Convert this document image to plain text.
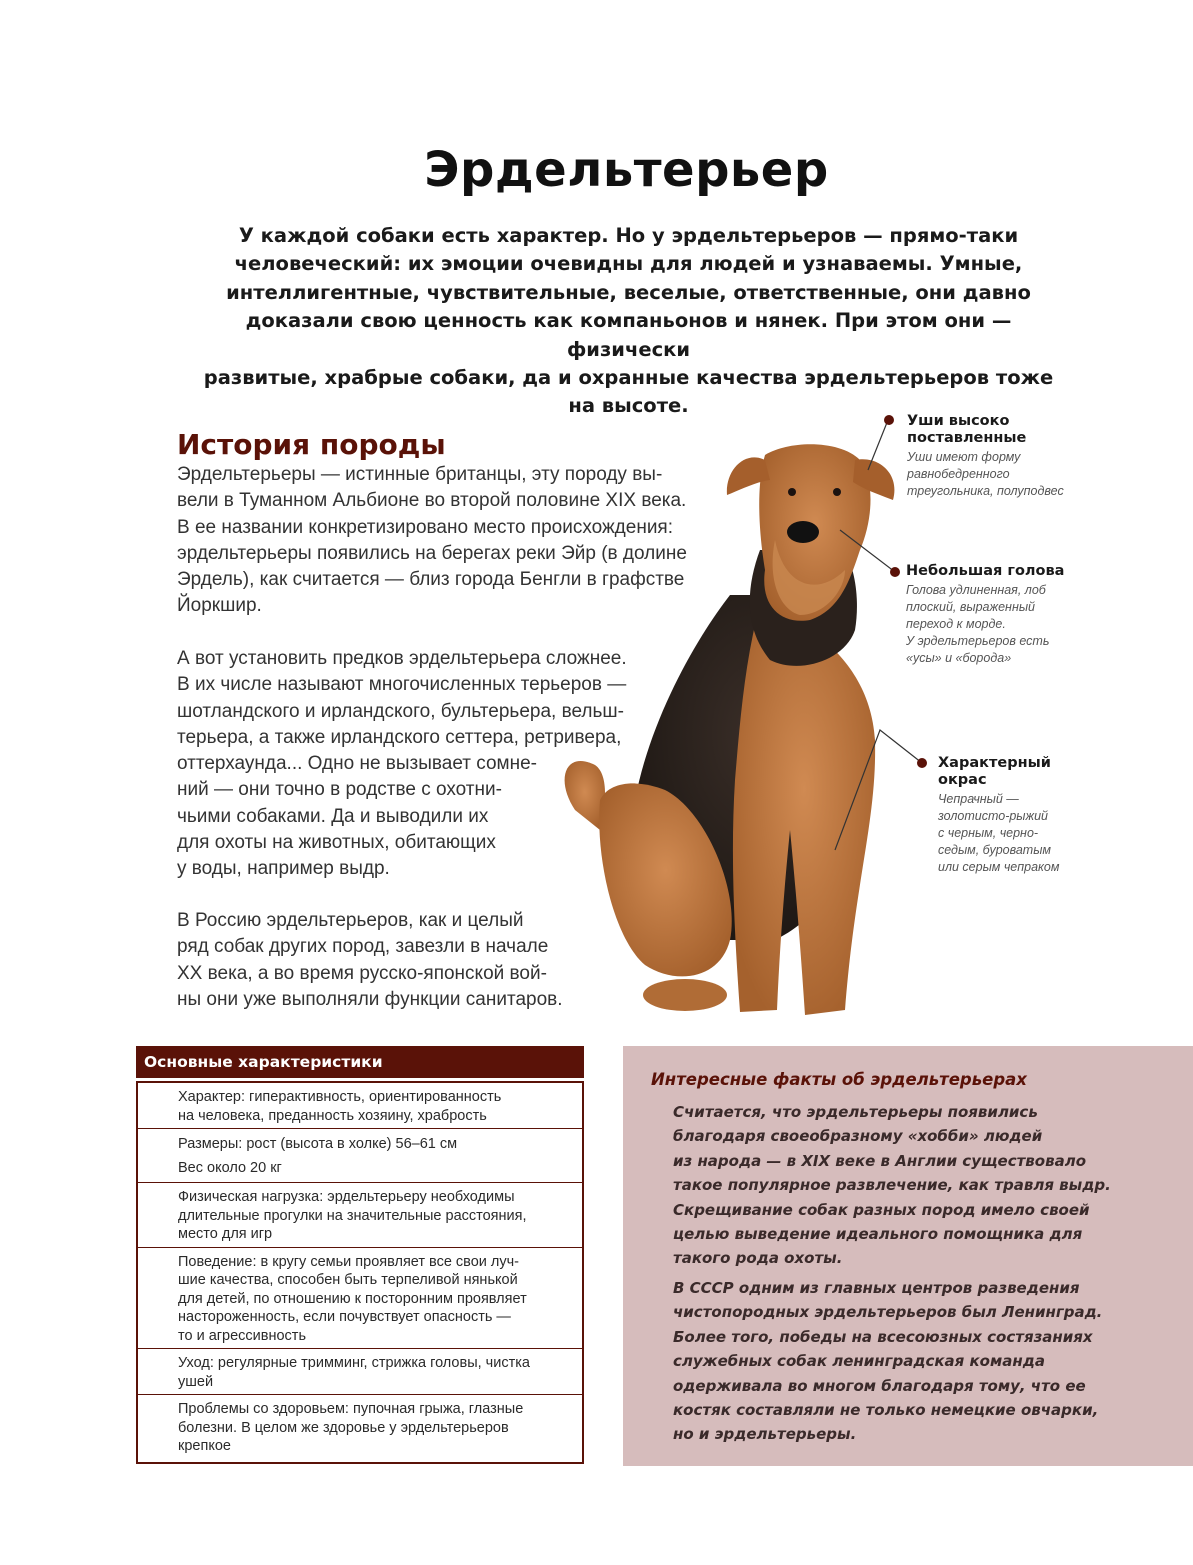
Эрдельтерьер
У каждой собаки есть характер. Но у эрдельтерьеров — прямо-таки
человеческий: их эмоции очевидны для людей и узнаваемы. Умные,
интеллигентные, чувствительные, веселые, ответственные, они давно
доказали свою ценность как компаньонов и нянек. При этом они — физически
развитые, храбрые собаки, да и охранные качества эрдельтерьеров тоже
на высоте.
История породы
Эрдельтерьеры — истинные британцы, эту породу вы-
вели в Туманном Альбионе во второй половине XIX века.
В ее названии конкретизировано место происхождения:
эрдельтерьеры появились на берегах реки Эйр (в долине
Эрдель), как считается — близ города Бенгли в графстве
Йоркшир.
А вот установить предков эрдельтерьера сложнее.
В их числе называют многочисленных терьеров —
шотландского и ирландского, бультерьера, вельш-
терьера, а также ирландского сеттера, ретривера,
оттерхаунда... Одно не вызывает сомне-
ний — они точно в родстве с охотни-
чьими собаками. Да и выводили их
для охоты на животных, обитающих
у воды, например выдр.
В Россию эрдельтерьеров, как и целый
ряд собак других пород, завезли в начале
XX века, а во время русско-японской вой-
ны они уже выполняли функции санитаров.
Уши высоко
поставленные
Уши имеют форму
равнобедренного
треугольника, полуподвес
Небольшая голова
Голова удлиненная, лоб
плоский, выраженный
переход к морде.
У эрдельтерьеров есть
«усы» и «борода»
Характерный
окрас
Чепрачный —
золотисто-рыжий
с черным, черно-
седым, буроватым
или серым чепраком
Основные характеристики
Характер: гиперактивность, ориентированность
на человека, преданность хозяину, храбрость
Размеры: рост (высота в холке) 56–61 см
Вес около 20 кг
Физическая нагрузка: эрдельтерьеру необходимы
длительные прогулки на значительные расстояния,
место для игр
Поведение: в кругу семьи проявляет все свои луч-
шие качества, способен быть терпеливой нянькой
для детей, по отношению к посторонним проявляет
настороженность, если почувствует опасность —
то и агрессивность
Уход: регулярные тримминг, стрижка головы, чистка
ушей
Проблемы со здоровьем: пупочная грыжа, глазные
болезни. В целом же здоровье у эрдельтерьеров
крепкое
Интересные факты об эрдельтерьерах
Считается, что эрдельтерьеры появились
благодаря своеобразному «хобби» людей
из народа — в XIX веке в Англии существовало
такое популярное развлечение, как травля выдр.
Скрещивание собак разных пород имело своей
целью выведение идеального помощника для
такого рода охоты.
В СССР одним из главных центров разведения
чистопородных эрдельтерьеров был Ленинград.
Более того, победы на всесоюзных состязаниях
служебных собак ленинградская команда
одерживала во многом благодаря тому, что ее
костяк составляли не только немецкие овчарки,
но и эрдельтерьеры.
